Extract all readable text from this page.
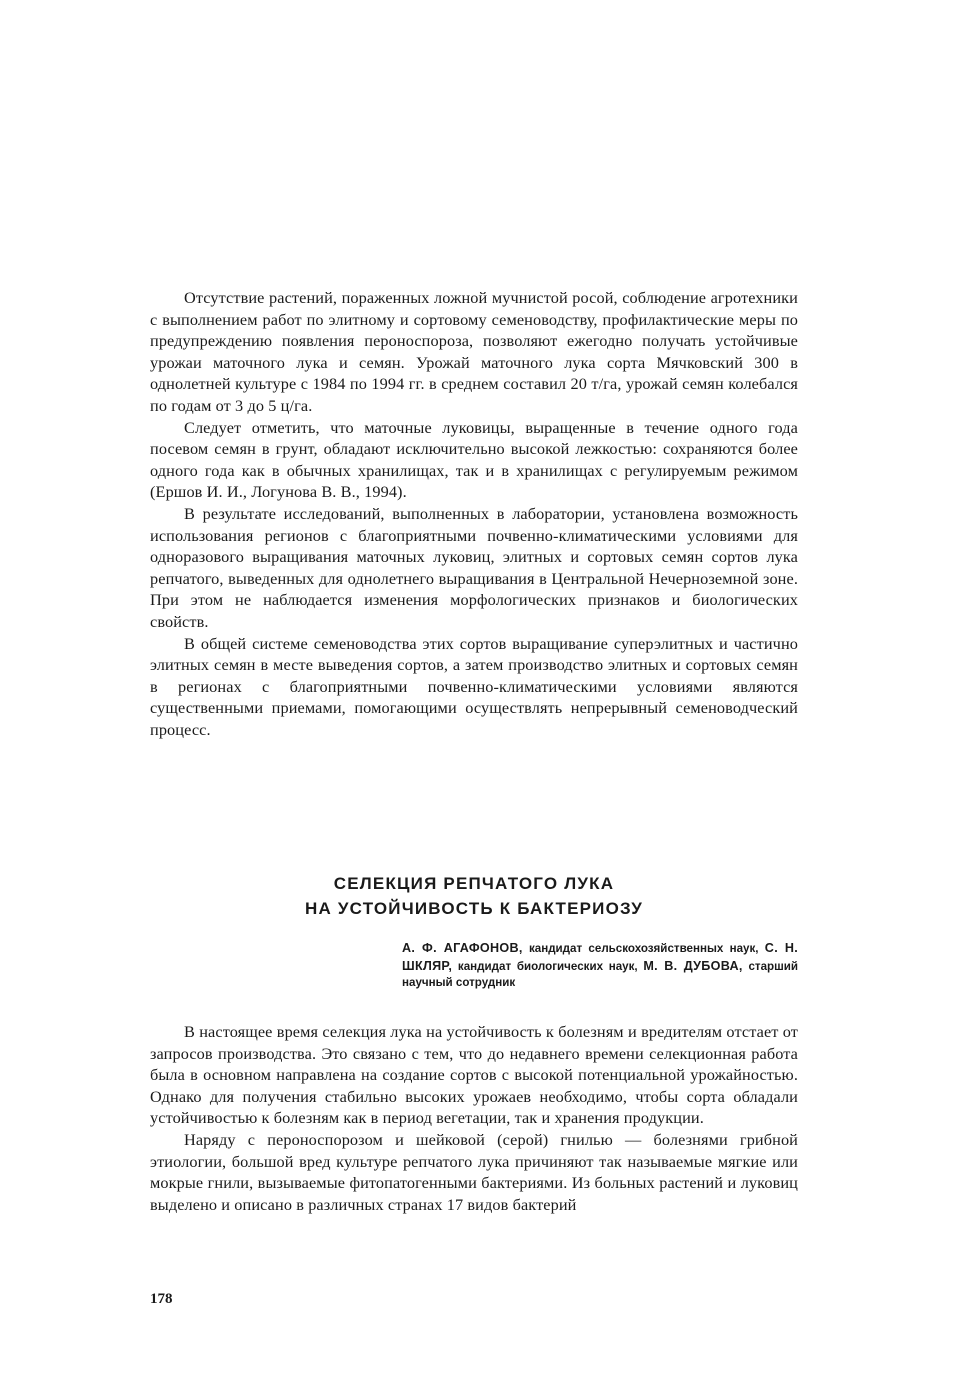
Отсутствие растений, пораженных ложной мучнистой росой, соблюдение агротехники с выполнением работ по элитному и сортовому семеноводству, профилактические меры по предупреждению появления пероноспороза, позволяют ежегодно получать устойчивые урожаи маточного лука и семян. Урожай маточного лука сорта Мячковский 300 в однолетней культуре с 1984 по 1994 гг. в среднем составил 20 т/га, урожай семян колебался по годам от 3 до 5 ц/га.

Следует отметить, что маточные луковицы, выращенные в течение одного года посевом семян в грунт, обладают исключительно высокой лежкостью: сохраняются более одного года как в обычных хранилищах, так и в хранилищах с регулируемым режимом (Ершов И. И., Логунова В. В., 1994).

В результате исследований, выполненных в лаборатории, установлена возможность использования регионов с благоприятными почвенно-климатическими условиями для одноразового выращивания маточных луковиц, элитных и сортовых семян сортов лука репчатого, выведенных для однолетнего выращивания в Центральной Нечерноземной зоне. При этом не наблюдается изменения морфологических признаков и биологических свойств.

В общей системе семеноводства этих сортов выращивание суперэлитных и частично элитных семян в месте выведения сортов, а затем производство элитных и сортовых семян в регионах с благоприятными почвенно-климатическими условиями являются существенными приемами, помогающими осуществлять непрерывный семеноводческий процесс.

СЕЛЕКЦИЯ РЕПЧАТОГО ЛУКА
НА УСТОЙЧИВОСТЬ К БАКТЕРИОЗУ
А. Ф. АГАФОНОВ, кандидат сельскохозяйственных наук, С. Н. ШКЛЯР, кандидат биологических наук, М. В. ДУБОВА, старший научный сотрудник

В настоящее время селекция лука на устойчивость к болезням и вредителям отстает от запросов производства. Это связано с тем, что до недавнего времени селекционная работа была в основном направлена на создание сортов с высокой потенциальной урожайностью. Однако для получения стабильно высоких урожаев необходимо, чтобы сорта обладали устойчивостью к болезням как в период вегетации, так и хранения продукции.

Наряду с пероноспорозом и шейковой (серой) гнилью — болезнями грибной этиологии, большой вред культуре репчатого лука причиняют так называемые мягкие или мокрые гнили, вызываемые фитопатогенными бактериями. Из больных растений и луковиц выделено и описано в различных странах 17 видов бактерий

178
